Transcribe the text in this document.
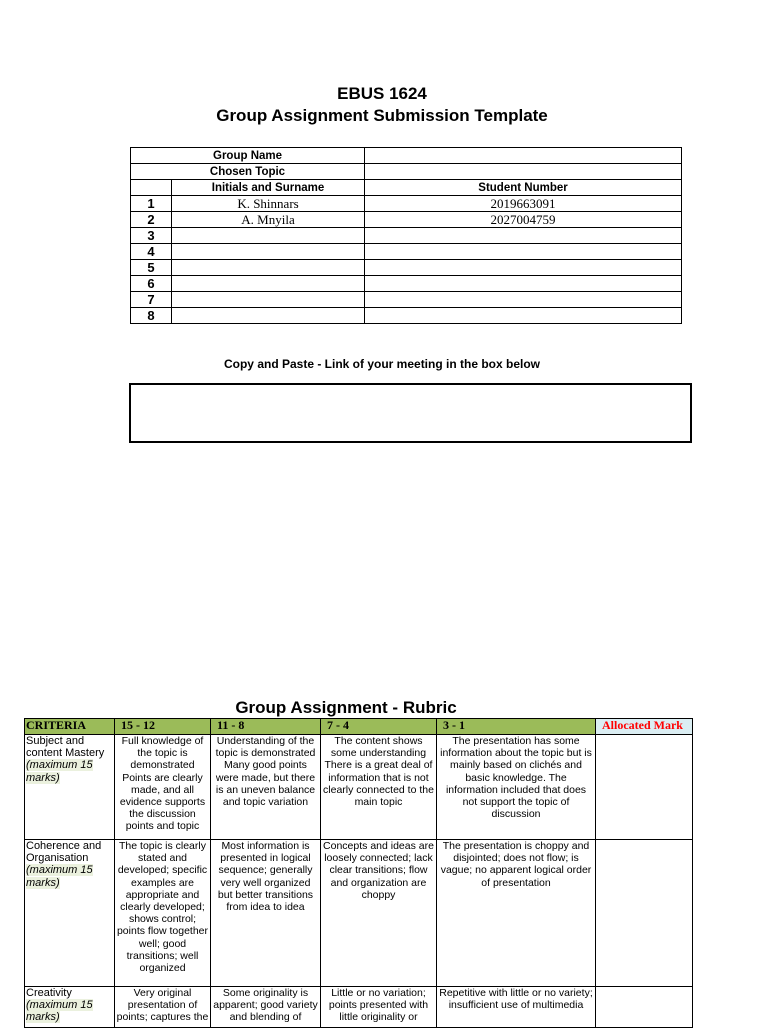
EBUS 1624
Group Assignment Submission Template
Group Name		
Chosen Topic		
	Initials and Surname	Student Number
1	K. Shinnars	2019663091
2	A. Mnyila	2027004759
3		
4		
5		
6		
7		
8		
Copy and Paste - Link of your meeting in the box below
Group Assignment - Rubric
CRITERIA	15 - 12	11 - 8	7 - 4	3 - 1	Allocated Mark
Subject and content Mastery
(maximum 15 marks)	Full knowledge of the topic is demonstrated Points are clearly made, and all evidence supports the discussion points and topic	Understanding of the topic is demonstrated Many good points were made, but there is an uneven balance and topic variation	The content shows some understanding There is a great deal of information that is not clearly connected to the main topic	The presentation has some information about the topic but is mainly based on clichés and basic knowledge. The information included that does not support the topic of discussion	
Coherence and Organisation
(maximum 15 marks)	The topic is clearly stated and developed; specific examples are appropriate and clearly developed; shows control; points flow together well; good transitions; well organized	Most information is presented in logical sequence; generally very well organized but better transitions from idea to idea	Concepts and ideas are loosely connected; lack clear transitions; flow and organization are choppy	The presentation is choppy and disjointed; does not flow; is vague; no apparent logical order of presentation	
Creativity
(maximum 15 marks)	Very original presentation of points; captures the	Some originality is apparent; good variety and blending of	Little or no variation; points presented with little originality or	Repetitive with little or no variety; insufficient use of multimedia	
